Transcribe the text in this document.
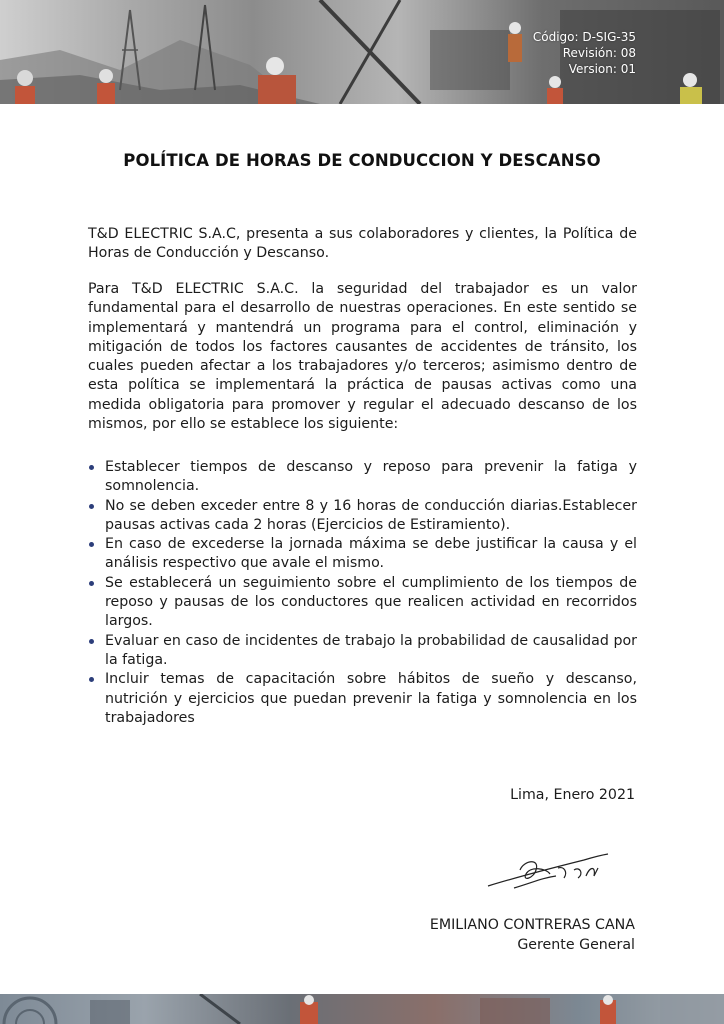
Código: D-SIG-35
Revisión: 08
Version: 01
POLÍTICA DE HORAS DE CONDUCCION Y DESCANSO
T&D ELECTRIC S.A.C, presenta a sus colaboradores y clientes, la Política de Horas de Conducción y Descanso.
Para T&D ELECTRIC S.A.C. la seguridad del trabajador es un valor fundamental para el desarrollo de nuestras operaciones. En este sentido se implementará y mantendrá un programa para el control, eliminación y mitigación de todos los factores causantes de accidentes de tránsito, los cuales pueden afectar a los trabajadores y/o terceros; asimismo dentro de esta política se implementará la práctica de pausas activas como una medida obligatoria para promover y regular el adecuado descanso de los mismos, por ello se establece los siguiente:
Establecer tiempos de descanso y reposo para prevenir la fatiga y somnolencia.
No se deben exceder entre 8 y 16 horas de conducción diarias.Establecer pausas activas cada 2 horas (Ejercicios de Estiramiento).
En caso de excederse la jornada máxima se debe justificar la causa y el análisis respectivo que avale el mismo.
Se establecerá un seguimiento sobre el cumplimiento de los tiempos de reposo y pausas de los conductores que realicen actividad en recorridos largos.
Evaluar en caso de incidentes de trabajo la probabilidad de causalidad por la fatiga.
Incluir temas de capacitación sobre hábitos de sueño y descanso, nutrición y ejercicios que puedan prevenir la fatiga y somnolencia en los trabajadores
Lima, Enero 2021
EMILIANO CONTRERAS CANA
Gerente General
